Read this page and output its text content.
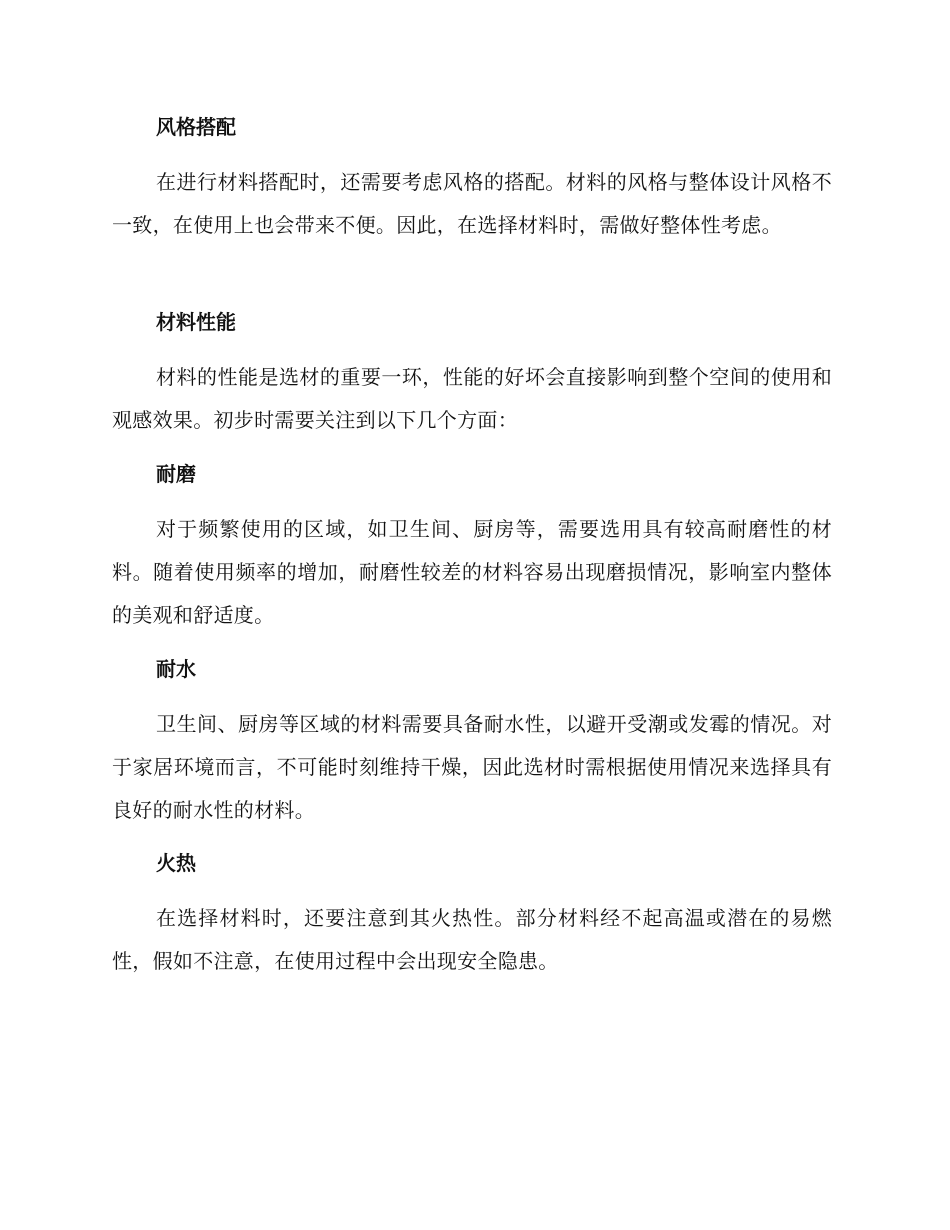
风格搭配

在进行材料搭配时，还需要考虑风格的搭配。材料的风格与整体设计风格不一致，在使用上也会带来不便。因此，在选择材料时，需做好整体性考虑。

材料性能

材料的性能是选材的重要一环，性能的好坏会直接影响到整个空间的使用和观感效果。初步时需要关注到以下几个方面：

耐磨

对于频繁使用的区域，如卫生间、厨房等，需要选用具有较高耐磨性的材料。随着使用频率的增加，耐磨性较差的材料容易出现磨损情况，影响室内整体的美观和舒适度。

耐水

卫生间、厨房等区域的材料需要具备耐水性，以避开受潮或发霉的情况。对于家居环境而言，不可能时刻维持干燥，因此选材时需根据使用情况来选择具有良好的耐水性的材料。

火热

在选择材料时，还要注意到其火热性。部分材料经不起高温或潜在的易燃性，假如不注意，在使用过程中会出现安全隐患。
